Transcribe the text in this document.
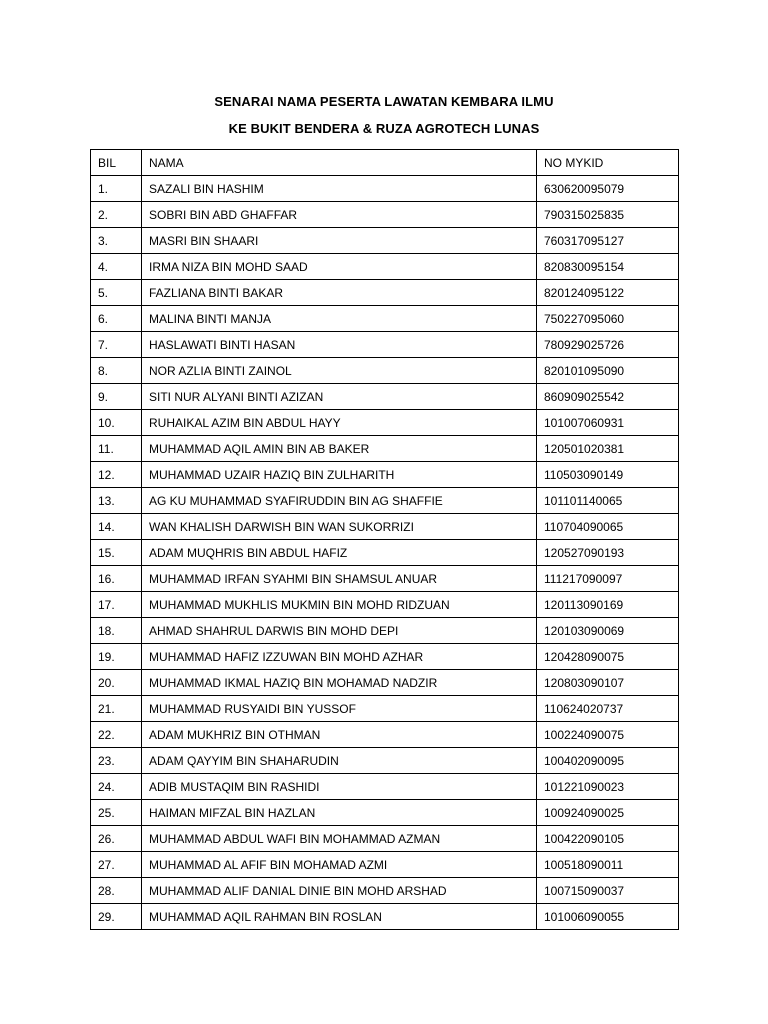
SENARAI NAMA PESERTA LAWATAN KEMBARA ILMU
KE BUKIT BENDERA & RUZA AGROTECH LUNAS
BIL	NAMA	NO MYKID
1.	SAZALI BIN HASHIM	630620095079
2.	SOBRI BIN ABD GHAFFAR	790315025835
3.	MASRI BIN SHAARI	760317095127
4.	IRMA NIZA BIN MOHD SAAD	820830095154
5.	FAZLIANA BINTI BAKAR	820124095122
6.	MALINA BINTI MANJA	750227095060
7.	HASLAWATI BINTI HASAN	780929025726
8.	NOR AZLIA BINTI ZAINOL	820101095090
9.	SITI NUR ALYANI BINTI AZIZAN	860909025542
10.	RUHAIKAL AZIM BIN ABDUL HAYY	101007060931
11.	MUHAMMAD AQIL AMIN BIN AB BAKER	120501020381
12.	MUHAMMAD UZAIR HAZIQ BIN ZULHARITH	110503090149
13.	AG KU MUHAMMAD SYAFIRUDDIN BIN AG SHAFFIE	101101140065
14.	WAN KHALISH DARWISH BIN WAN SUKORRIZI	110704090065
15.	ADAM MUQHRIS BIN ABDUL HAFIZ	120527090193
16.	MUHAMMAD IRFAN SYAHMI BIN SHAMSUL ANUAR	111217090097
17.	MUHAMMAD MUKHLIS MUKMIN BIN MOHD RIDZUAN	120113090169
18.	AHMAD SHAHRUL DARWIS BIN MOHD DEPI	120103090069
19.	MUHAMMAD HAFIZ IZZUWAN BIN MOHD AZHAR	120428090075
20.	MUHAMMAD IKMAL HAZIQ BIN MOHAMAD NADZIR	120803090107
21.	MUHAMMAD RUSYAIDI BIN YUSSOF	110624020737
22.	ADAM MUKHRIZ BIN OTHMAN	100224090075
23.	ADAM QAYYIM BIN SHAHARUDIN	100402090095
24.	ADIB MUSTAQIM BIN RASHIDI	101221090023
25.	HAIMAN MIFZAL BIN HAZLAN	100924090025
26.	MUHAMMAD ABDUL WAFI BIN MOHAMMAD AZMAN	100422090105
27.	MUHAMMAD AL AFIF BIN MOHAMAD AZMI	100518090011
28.	MUHAMMAD ALIF DANIAL DINIE BIN MOHD ARSHAD	100715090037
29.	MUHAMMAD AQIL RAHMAN BIN ROSLAN	101006090055
